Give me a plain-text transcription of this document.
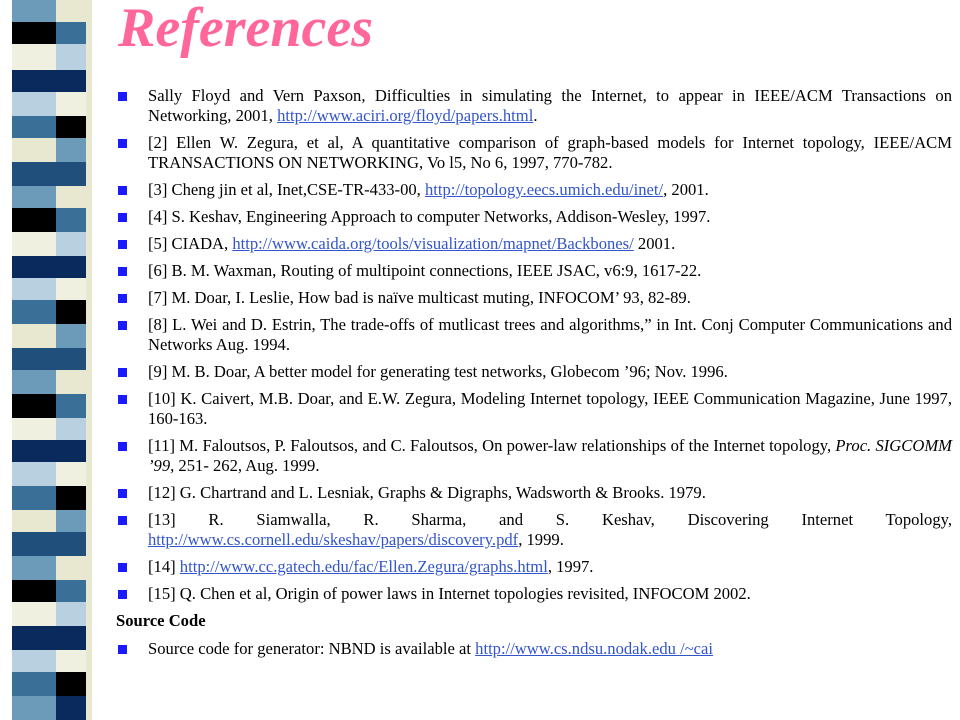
References
Sally Floyd and Vern Paxson, Difficulties in simulating the Internet, to appear in IEEE/ACM Transactions on Networking, 2001, http://www.aciri.org/floyd/papers.html.
[2] Ellen W. Zegura, et al, A quantitative comparison of graph-based models for Internet topology, IEEE/ACM TRANSACTIONS ON NETWORKING, Vo l5, No 6, 1997, 770-782.
[3] Cheng jin et al, Inet,CSE-TR-433-00, http://topology.eecs.umich.edu/inet/, 2001.
[4] S. Keshav, Engineering Approach to computer Networks, Addison-Wesley, 1997.
[5] CIADA, http://www.caida.org/tools/visualization/mapnet/Backbones/ 2001.
[6] B. M. Waxman, Routing of multipoint connections, IEEE JSAC, v6:9, 1617-22.
[7] M. Doar, I. Leslie, How bad is naïve multicast muting, INFOCOM’ 93, 82-89.
[8] L. Wei and D. Estrin, The trade-offs of mutlicast trees and algorithms,” in Int. Conj Computer Communications and Networks Aug. 1994.
[9] M. B. Doar, A better model for generating test networks, Globecom ’96; Nov. 1996.
[10] K. Caivert, M.B. Doar, and E.W. Zegura, Modeling Internet topology, IEEE Communication Magazine, June 1997, 160-163.
[11] M. Faloutsos, P. Faloutsos, and C. Faloutsos, On power-law relationships of the Internet topology, Proc. SIGCOMM ’99, 251- 262, Aug. 1999.
[12] G. Chartrand and L. Lesniak, Graphs & Digraphs, Wadsworth & Brooks. 1979.
[13] R. Siamwalla, R. Sharma, and S. Keshav, Discovering Internet Topology, http://www.cs.cornell.edu/skeshav/papers/discovery.pdf, 1999.
[14] http://www.cc.gatech.edu/fac/Ellen.Zegura/graphs.html, 1997.
[15] Q. Chen et al, Origin of power laws in Internet topologies revisited, INFOCOM 2002.
Source Code
Source code for generator: NBND is available at http://www.cs.ndsu.nodak.edu /~cai
